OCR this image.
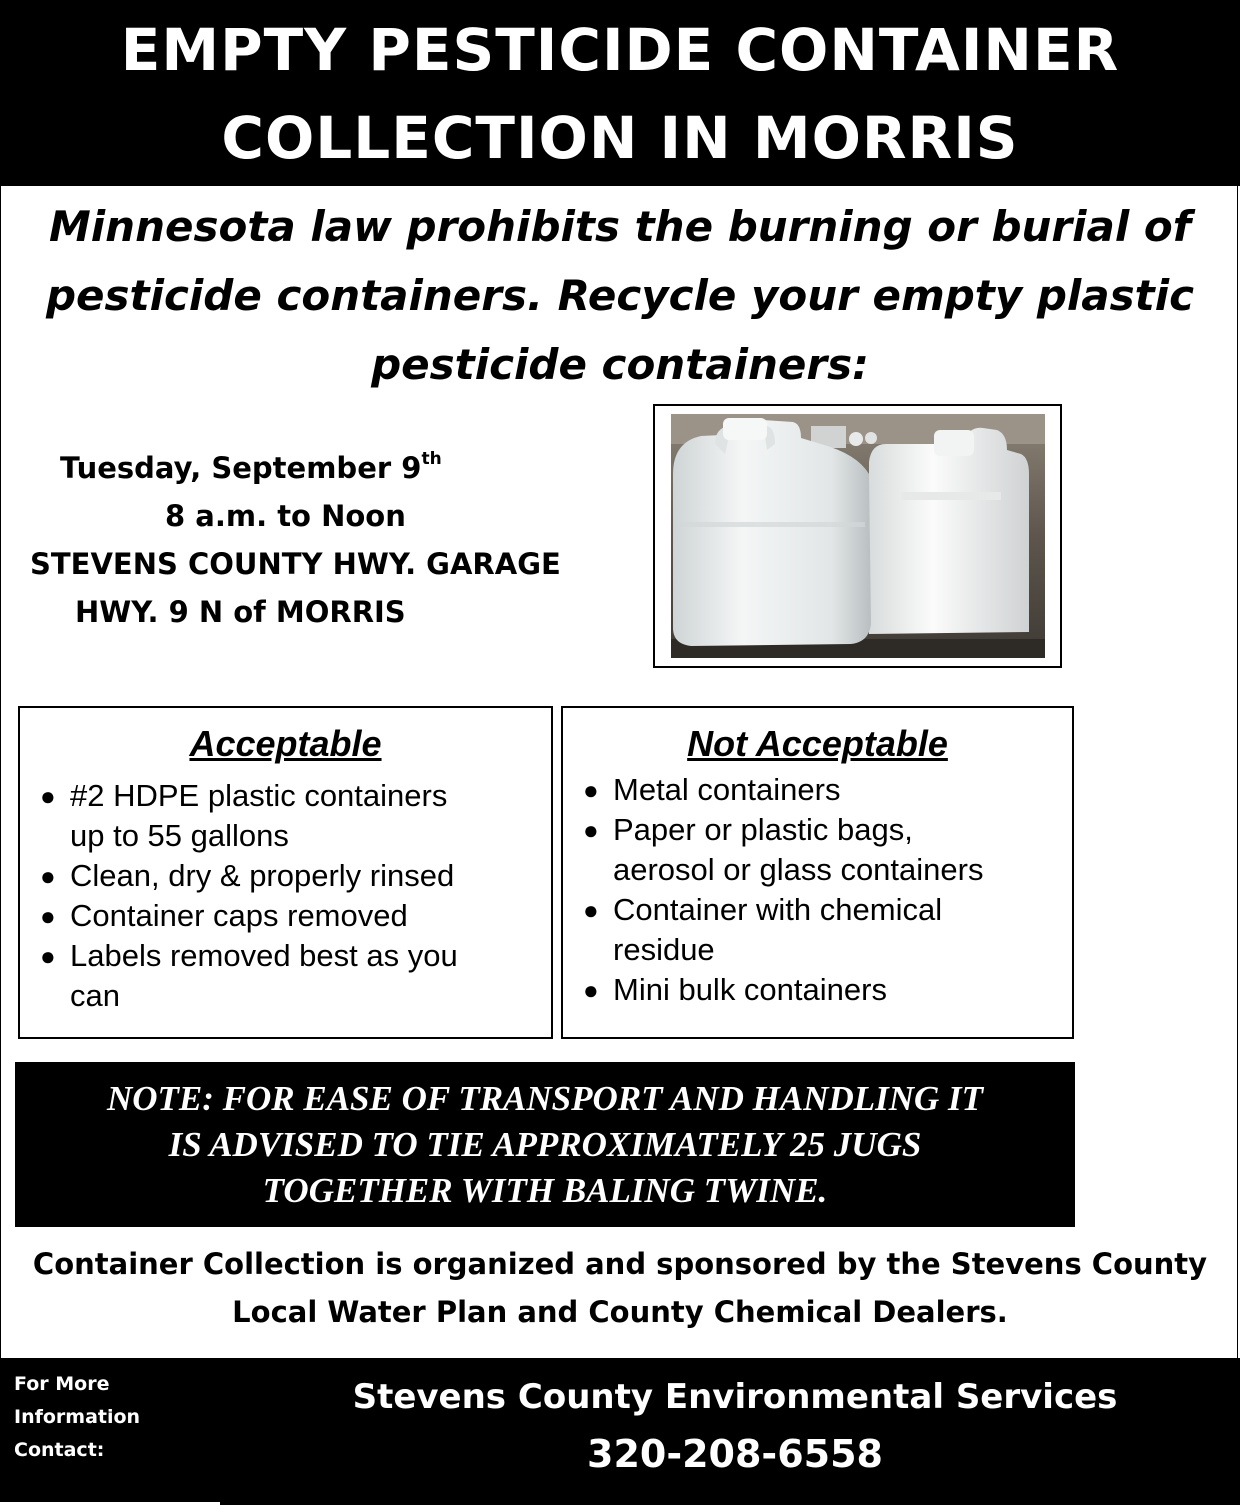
EMPTY PESTICIDE CONTAINER
COLLECTION IN MORRIS
Minnesota law prohibits the burning or burial of
pesticide containers. Recycle your empty plastic
pesticide containers:
Tuesday, September 9th
8 a.m. to Noon
STEVENS COUNTY HWY. GARAGE
HWY. 9 N of MORRIS
Acceptable
● #2 HDPE plastic containers
up to 55 gallons
● Clean, dry & properly rinsed
● Container caps removed
● Labels removed best as you
can
Not Acceptable
● Metal containers
● Paper or plastic bags,
aerosol or glass containers
● Container with chemical
residue
● Mini bulk containers
NOTE: FOR EASE OF TRANSPORT AND HANDLING IT
IS ADVISED TO TIE APPROXIMATELY 25 JUGS
TOGETHER WITH BALING TWINE.
Container Collection is organized and sponsored by the Stevens County
Local Water Plan and County Chemical Dealers.
For More
Information
Contact:
Stevens County Environmental Services
320-208-6558
